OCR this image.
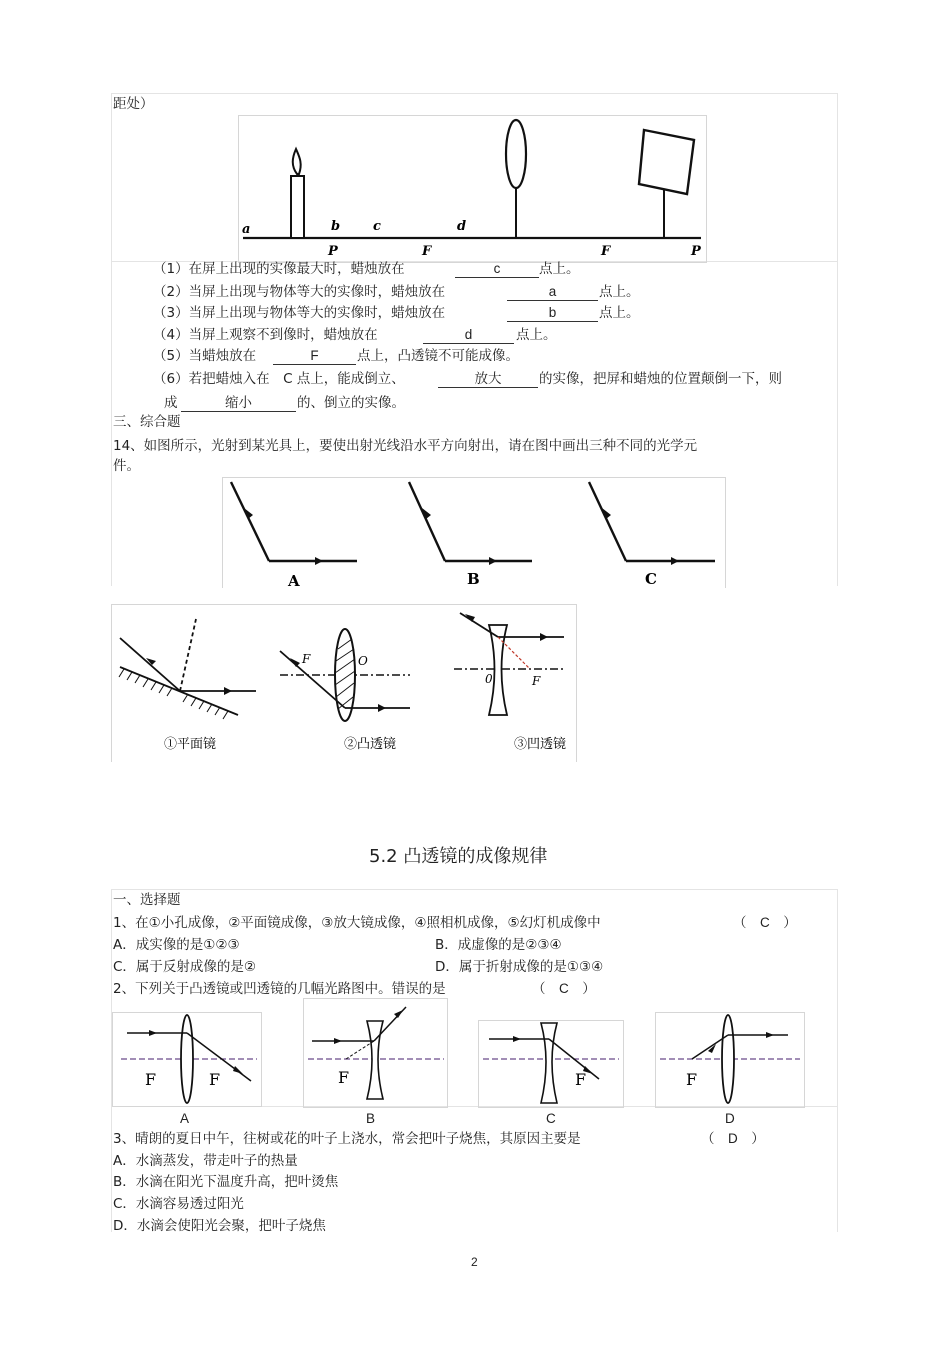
距处）
a	b	c	d
P	F	F	P
（1）在屏上出现的实像最大时，蜡烛放在	c	点上。
（2）当屏上出现与物体等大的实像时，蜡烛放在	a	点上。
（3）当屏上出现与物体等大的实像时，蜡烛放在	b	点上。
（4）当屏上观察不到像时，蜡烛放在	d	点上。
（5）当蜡烛放在	F	点上，凸透镜不可能成像。
（6）若把蜡烛入在　C 点上，能成倒立、	放大	的实像，把屏和蜡烛的位置颠倒一下，则
成	缩小	的、倒立的实像。
三、综合题
14、如图所示，光射到某光具上，要使出射光线沿水平方向射出，请在图中画出三种不同的光学元
件。
A	B	C
①平面镜
F	O
②凸透镜
0	F
③凹透镜
5.2 凸透镜的成像规律
一、选择题
1、在①小孔成像，②平面镜成像，③放大镜成像，④照相机成像，⑤幻灯机成像中	（　C　）
A．成实像的是①②③	B．成虚像的是②③④
C．属于反射成像的是②	D．属于折射成像的是①③④
2、下列关于凸透镜或凹透镜的几幅光路图中。错误的是	（　C　）
F	F	F	F	F
A	B	C	D
3、晴朗的夏日中午，往树或花的叶子上浇水，常会把叶子烧焦，其原因主要是	（　D　）
A．水滴蒸发，带走叶子的热量
B．水滴在阳光下温度升高，把叶烫焦
C．水滴容易透过阳光
D．水滴会使阳光会聚，把叶子烧焦
2
